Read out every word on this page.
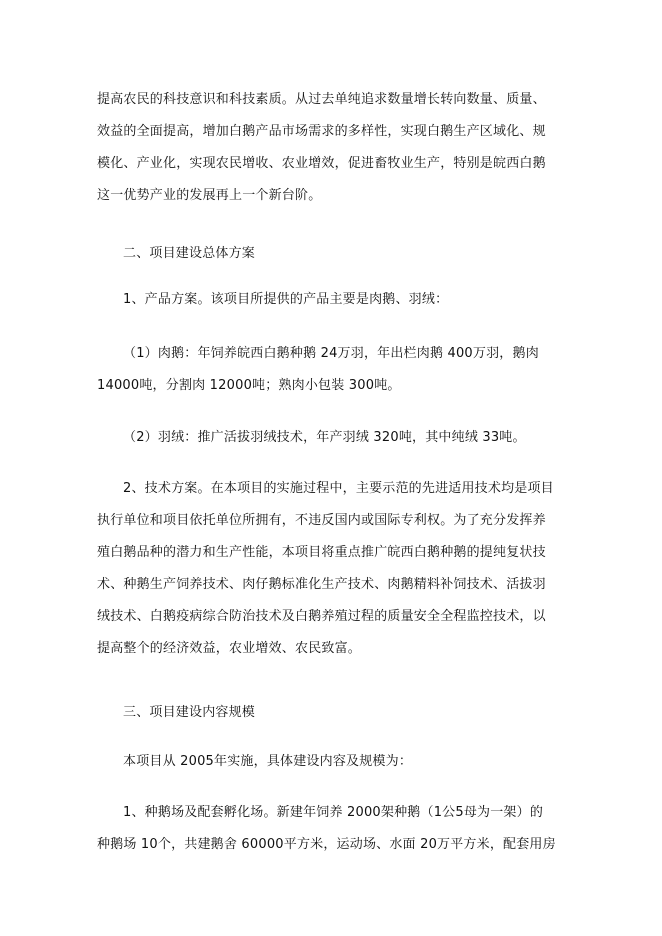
提高农民的科技意识和科技素质。从过去单纯追求数量增长转向数量、质量、
效益的全面提高，增加白鹅产品市场需求的多样性，实现白鹅生产区域化、规
模化、产业化，实现农民增收、农业增效，促进畜牧业生产，特别是皖西白鹅
这一优势产业的发展再上一个新台阶。
二、项目建设总体方案
1、产品方案。该项目所提供的产品主要是肉鹅、羽绒：
（1）肉鹅：年饲养皖西白鹅种鹅 24万羽，年出栏肉鹅 400万羽，鹅肉
14000吨，分割肉 12000吨；熟肉小包装 300吨。
（2）羽绒：推广活拔羽绒技术，年产羽绒 320吨，其中纯绒 33吨。
2、技术方案。在本项目的实施过程中，主要示范的先进适用技术均是项目
执行单位和项目依托单位所拥有，不违反国内或国际专利权。为了充分发挥养
殖白鹅品种的潜力和生产性能，本项目将重点推广皖西白鹅种鹅的提纯复状技
术、种鹅生产饲养技术、肉仔鹅标准化生产技术、肉鹅精料补饲技术、活拔羽
绒技术、白鹅疫病综合防治技术及白鹅养殖过程的质量安全全程监控技术，以
提高整个的经济效益，农业增效、农民致富。
三、项目建设内容规模
本项目从 2005年实施，具体建设内容及规模为：
1、种鹅场及配套孵化场。新建年饲养 2000架种鹅（1公5母为一架）的
种鹅场 10个，共建鹅舍 60000平方米，运动场、水面 20万平方米，配套用房
